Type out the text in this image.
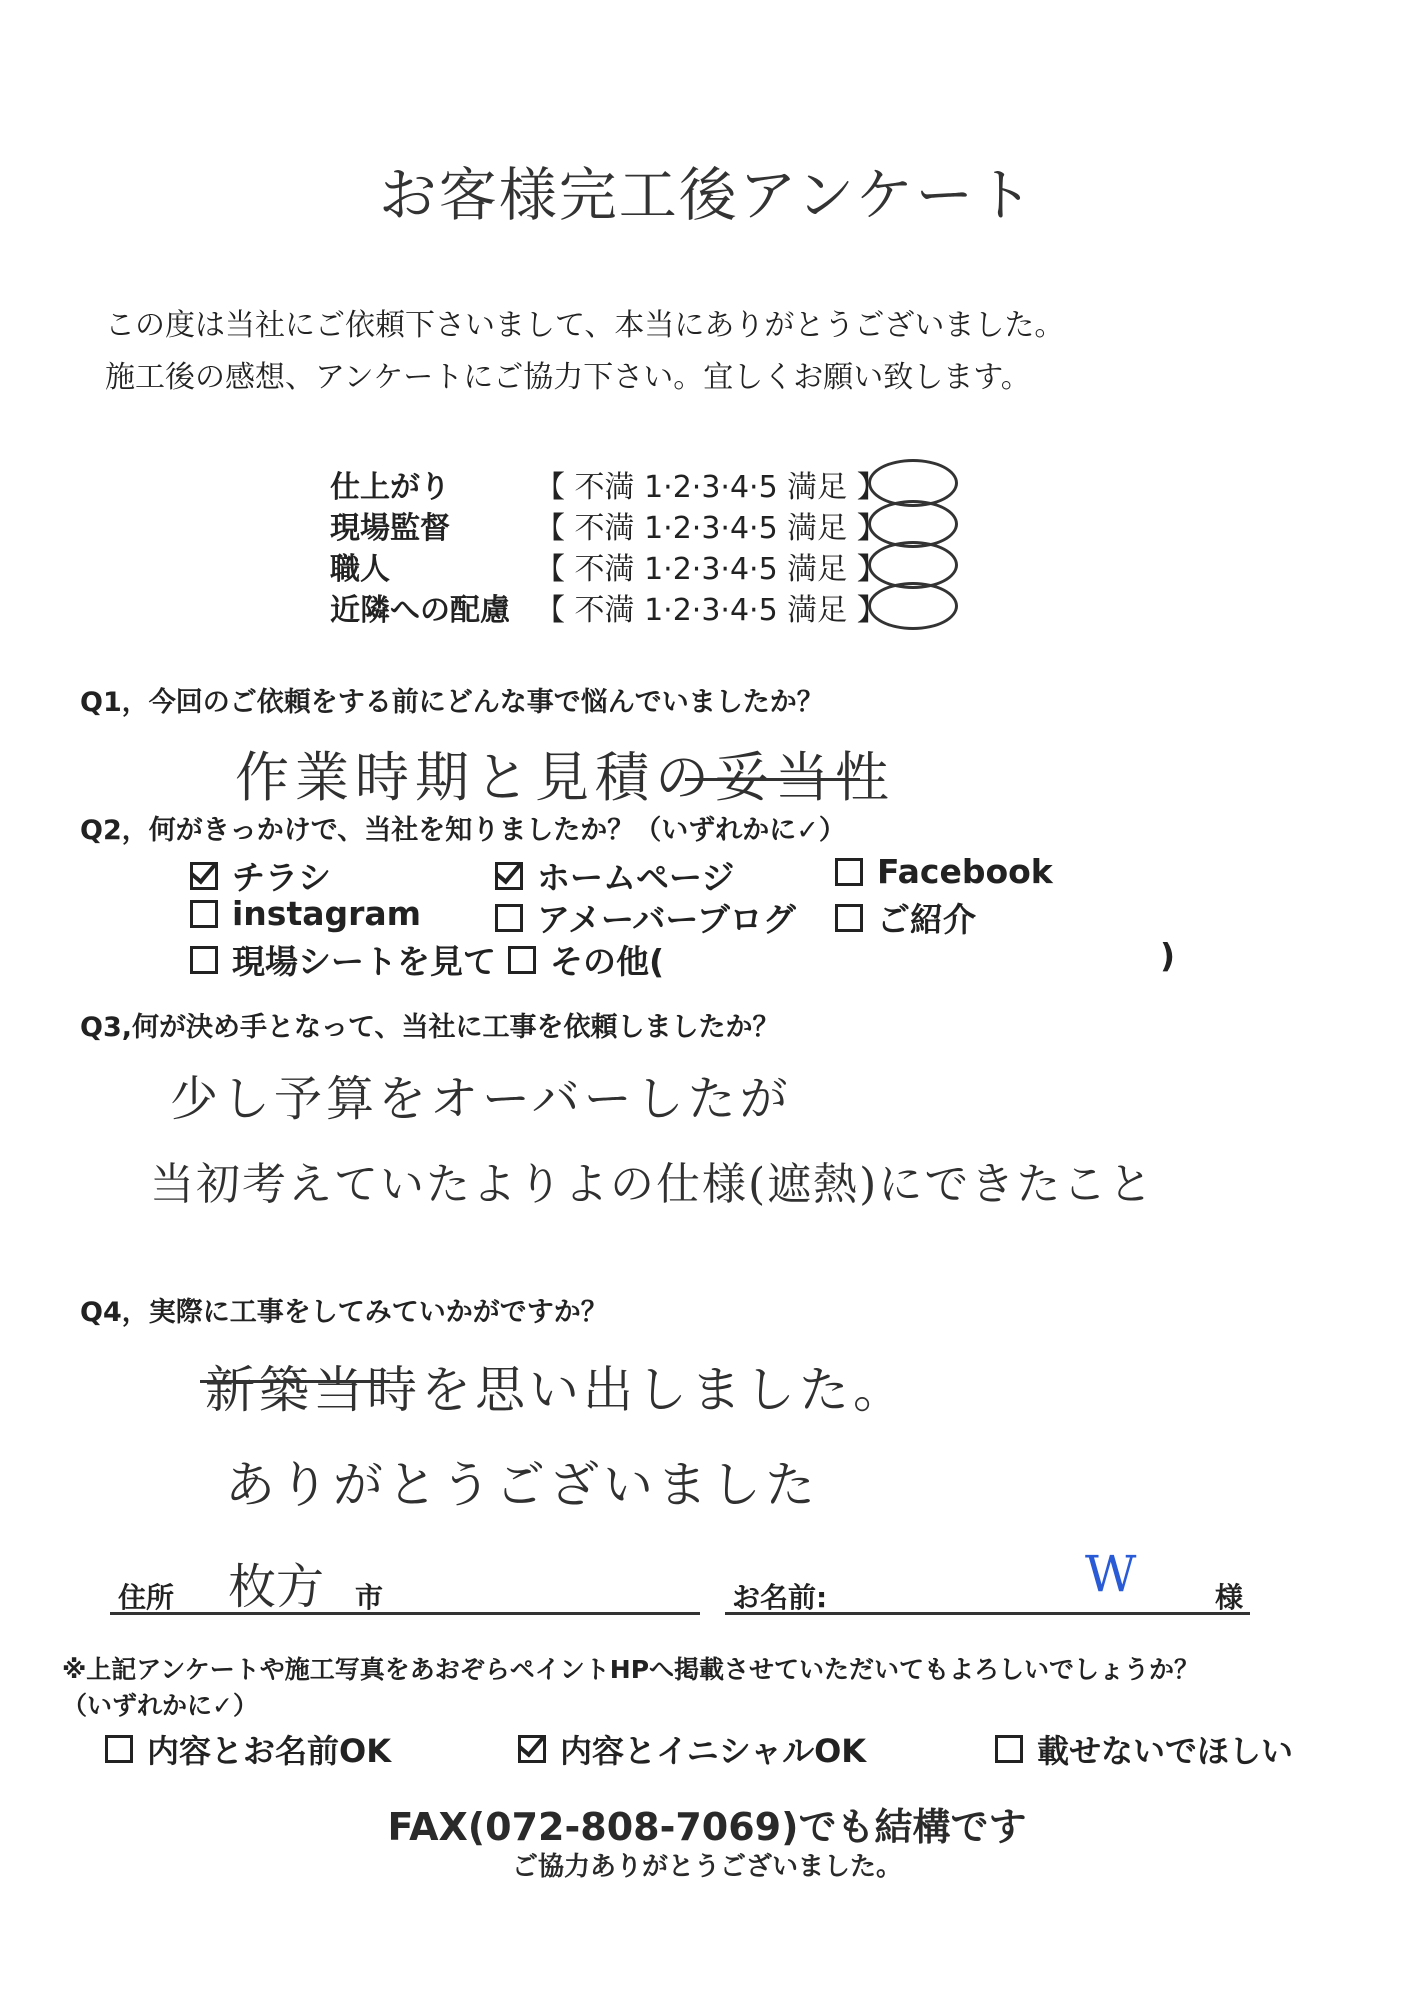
お客様完工後アンケート
この度は当社にご依頼下さいまして、本当にありがとうございました。
施工後の感想、アンケートにご協力下さい。宜しくお願い致します。
仕上がり	【 不満 1·2·3·4·5 満足 】
現場監督	【 不満 1·2·3·4·5 満足 】
職人	【 不満 1·2·3·4·5 満足 】
近隣への配慮 【 不満 1·2·3·4·5 満足 】
Q1，今回のご依頼をする前にどんな事で悩んでいましたか？
作業時期と見積の妥当性
Q2，何がきっかけで、当社を知りましたか？（いずれかに✓）
チラシ	ホームページ	Facebook
instagram	アメーバーブログ ご紹介
現場シートを見て その他(	)
Q3,何が決め手となって、当社に工事を依頼しましたか？
少し予算をオーバーしたが
当初考えていたよりよの仕様(遮熱)にできたこと
Q4，実際に工事をしてみていかがですか？
新築当時を思い出しました。
ありがとうございました
住所 枚方 市	お名前:	W	様
※上記アンケートや施工写真をあおぞらペイントHPへ掲載させていただいてもよろしいでしょうか？
（いずれかに✓）
内容とお名前OK	内容とイニシャルOK	載せないでほしい
FAX(072-808-7069)でも結構です
ご協力ありがとうございました。
